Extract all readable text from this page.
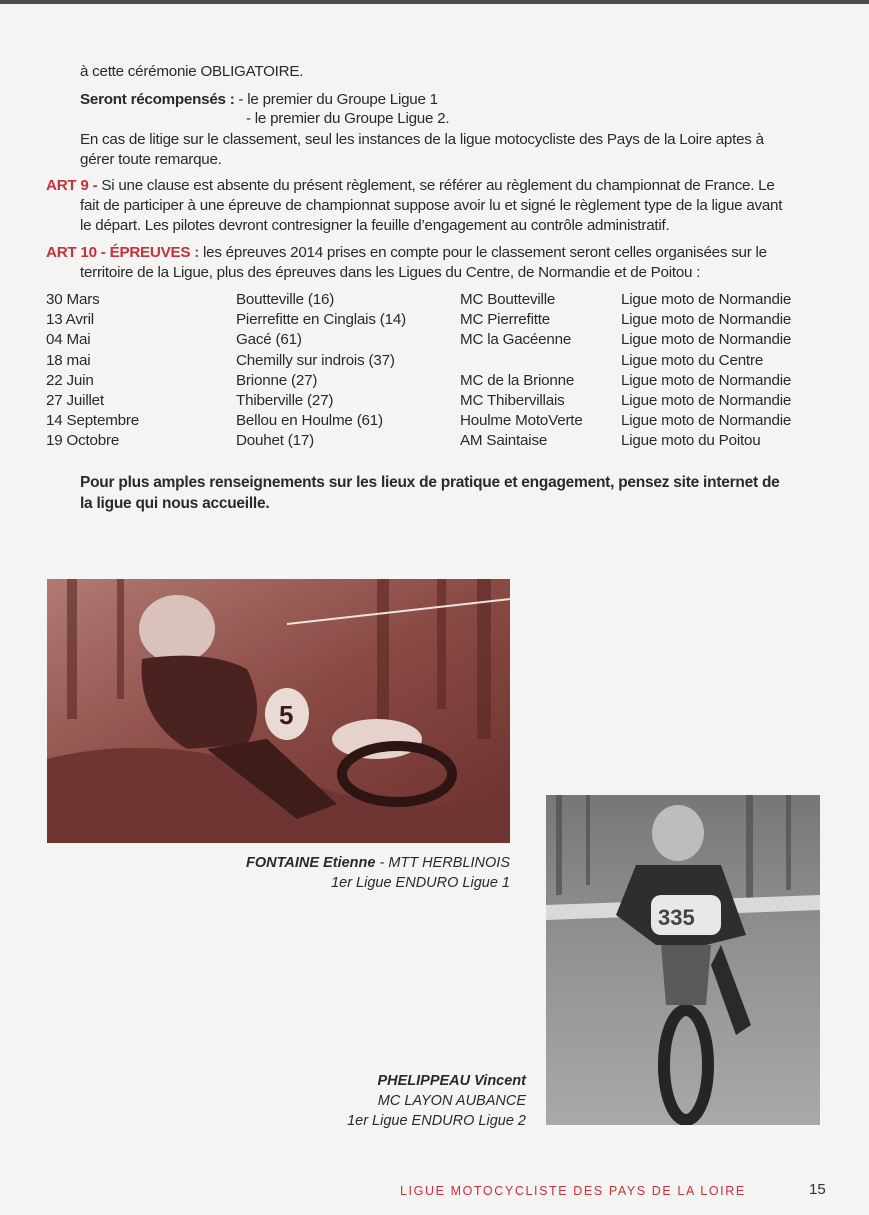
à cette cérémonie OBLIGATOIRE.
Seront récompensés : - le premier du Groupe Ligue 1
- le premier du Groupe Ligue 2.
En cas de litige sur le classement, seul les instances de la ligue motocycliste des Pays de la Loire aptes à
gérer toute remarque.
ART 9 - Si une clause est absente du présent règlement, se référer au règlement du championnat de France. Le
fait de participer à une épreuve de championnat suppose avoir lu et signé le règlement type de la ligue avant
le départ. Les pilotes devront contresigner la feuille d’engagement au contrôle administratif.
ART 10 - ÉPREUVES : les épreuves 2014 prises en compte pour le classement seront celles organisées sur le
territoire de la Ligue, plus des épreuves dans les Ligues du Centre, de Normandie et de Poitou :
30 Mars
13 Avril
04 Mai
18 mai
22 Juin
27 Juillet
14 Septembre
19 Octobre
Boutteville (16)
Pierrefitte en Cinglais (14)
Gacé (61)
Chemilly sur indrois (37)
Brionne (27)
Thiberville (27)
Bellou en Houlme (61)
Douhet (17)
MC Boutteville
MC Pierrefitte
MC la Gacéenne

MC de la Brionne
MC Thibervillais
Houlme MotoVerte
AM Saintaise
Ligue moto de Normandie
Ligue moto de Normandie
Ligue moto de Normandie
Ligue moto du Centre
Ligue moto de Normandie
Ligue moto de Normandie
Ligue moto de Normandie
Ligue moto du Poitou
Pour plus amples renseignements sur les lieux de pratique et engagement, pensez site internet de
la ligue qui nous accueille.
5
FONTAINE Etienne - MTT HERBLINOIS
1er Ligue ENDURO Ligue 1
335
PHELIPPEAU Vincent
MC LAYON AUBANCE
1er Ligue ENDURO Ligue 2
LIGUE MOTOCYCLISTE DES PAYS DE LA LOIRE	15
